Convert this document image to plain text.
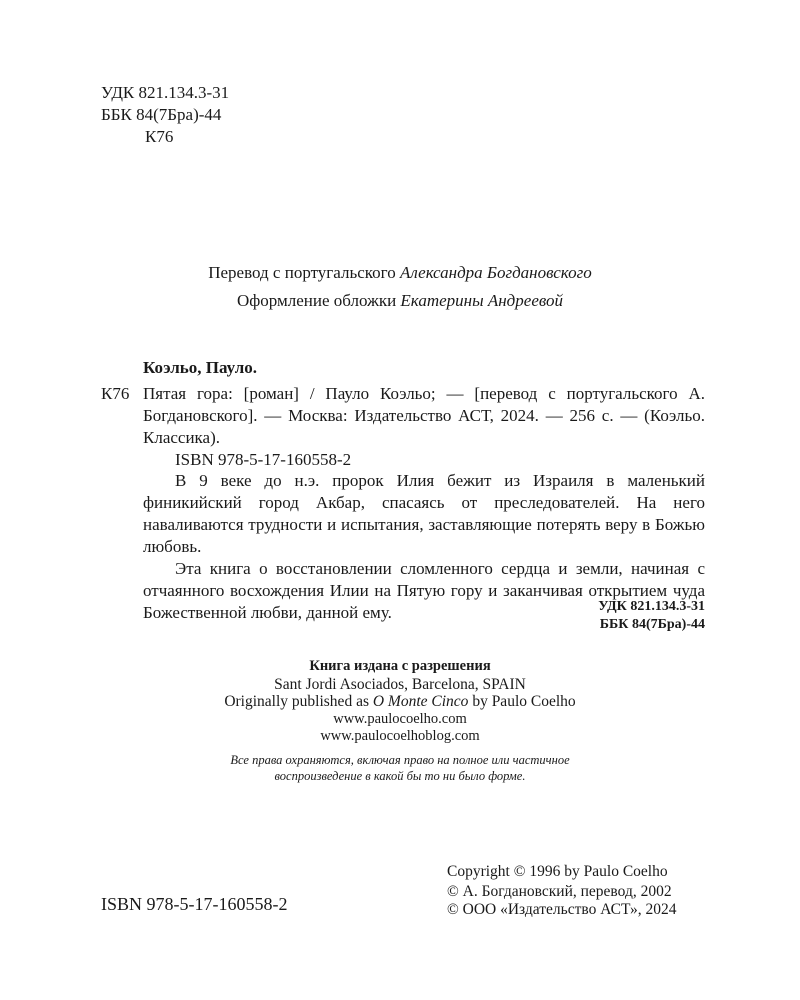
УДК 821.134.3-31
ББК 84(7Бра)-44
К76
Перевод с португальского Александра Богдановского
Оформление обложки Екатерины Андреевой
Коэльо, Пауло.
К76 Пятая гора: [роман] / Пауло Коэльо; — [перевод с португальского А. Богдановского]. — Москва: Издательство АСТ, 2024. — 256 с. — (Коэльо. Классика).
ISBN 978-5-17-160558-2

В 9 веке до н.э. пророк Илия бежит из Израиля в маленький финикийский город Акбар, спасаясь от преследователей. На него наваливаются трудности и испытания, заставляющие потерять веру в Божью любовь.

Эта книга о восстановлении сломленного сердца и земли, начиная с отчаянного восхождения Илии на Пятую гору и заканчивая открытием чуда Божественной любви, данной ему.	УДК 821.134.3-31
ББК 84(7Бра)-44
Книга издана с разрешения
Sant Jordi Asociados, Barcelona, SPAIN
Originally published as O Monte Cinco by Paulo Coelho
www.paulocoelho.com
www.paulocoelhoblog.com
Все права охраняются, включая право на полное или частичное
воспроизведение в какой бы то ни было форме.
ISBN 978-5-17-160558-2
Copyright © 1996 by Paulo Coelho
© А. Богдановский, перевод, 2002
© ООО «Издательство АСТ», 2024
